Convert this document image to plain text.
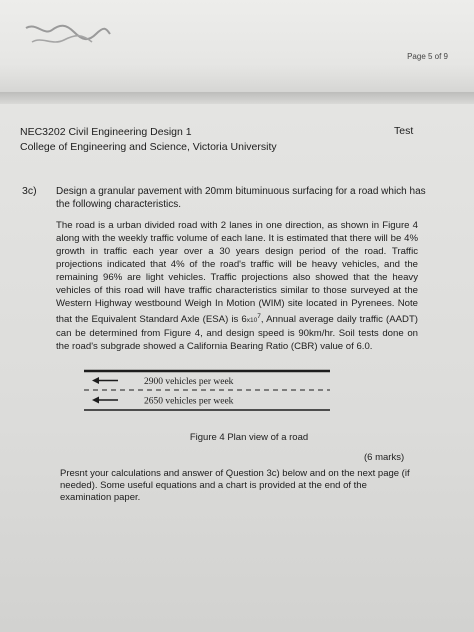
Page 5 of 9
NEC3202 Civil Engineering Design 1
College of Engineering and Science, Victoria University
Test
3c) Design a granular pavement with 20mm bituminuous surfacing for a road which has the following characteristics.

The road is a urban divided road with 2 lanes in one direction, as shown in Figure 4 along with the weekly traffic volume of each lane. It is estimated that there will be 4% growth in traffic each year over a 30 years design period of the road. Traffic projections indicated that 4% of the road's traffic will be heavy vehicles, and the remaining 96% are light vehicles. Traffic projections also showed that the heavy vehicles of this road will have traffic characteristics similar to those surveyed at the Western Highway westbound Weigh In Motion (WIM) site located in Pyrenees. Note that the Equivalent Standard Axle (ESA) is $6x10^7$, Annual average daily traffic (AADT) can be determined from Figure 4, and design speed is 90km/hr. Soil tests done on the road's subgrade showed a California Bearing Ratio (CBR) value of 6.0.

2900 vehicles per week
2650 vehicles per week
Figure 4 Plan view of a road
(6 marks)
Presnt your calculations and answer of Question 3c) below and on the next page (if needed). Some useful equations and a chart is provided at the end of the examination paper.
